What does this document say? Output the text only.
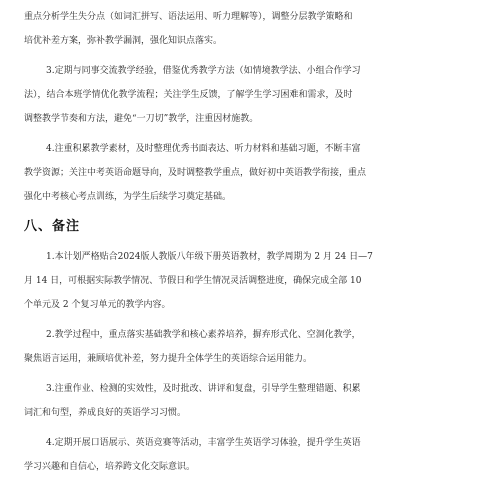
重点分析学生失分点（如词汇拼写、语法运用、听力理解等），调整分层教学策略和
培优补差方案，弥补教学漏洞，强化知识点落实。
3.定期与同事交流教学经验，借鉴优秀教学方法（如情境教学法、小组合作学习
法），结合本班学情优化教学流程；关注学生反馈，了解学生学习困难和需求，及时
调整教学节奏和方法，避免“一刀切”教学，注重因材施教。
4.注重积累教学素材，及时整理优秀书面表达、听力材料和基础习题，不断丰富
教学资源；关注中考英语命题导向，及时调整教学重点，做好初中英语教学衔接，重点
强化中考核心考点训练，为学生后续学习奠定基础。
八、备注
1.本计划严格贴合2024版人教版八年级下册英语教材，教学周期为 2 月 24 日—7
月 14 日，可根据实际教学情况、节假日和学生情况灵活调整进度，确保完成全部 10
个单元及 2 个复习单元的教学内容。
2.教学过程中，重点落实基础教学和核心素养培养，摒弃形式化、空洞化教学，
聚焦语言运用，兼顾培优补差，努力提升全体学生的英语综合运用能力。
3.注重作业、检测的实效性，及时批改、讲评和复盘，引导学生整理错题、积累
词汇和句型，养成良好的英语学习习惯。
4.定期开展口语展示、英语竞赛等活动，丰富学生英语学习体验，提升学生英语
学习兴趣和自信心，培养跨文化交际意识。
